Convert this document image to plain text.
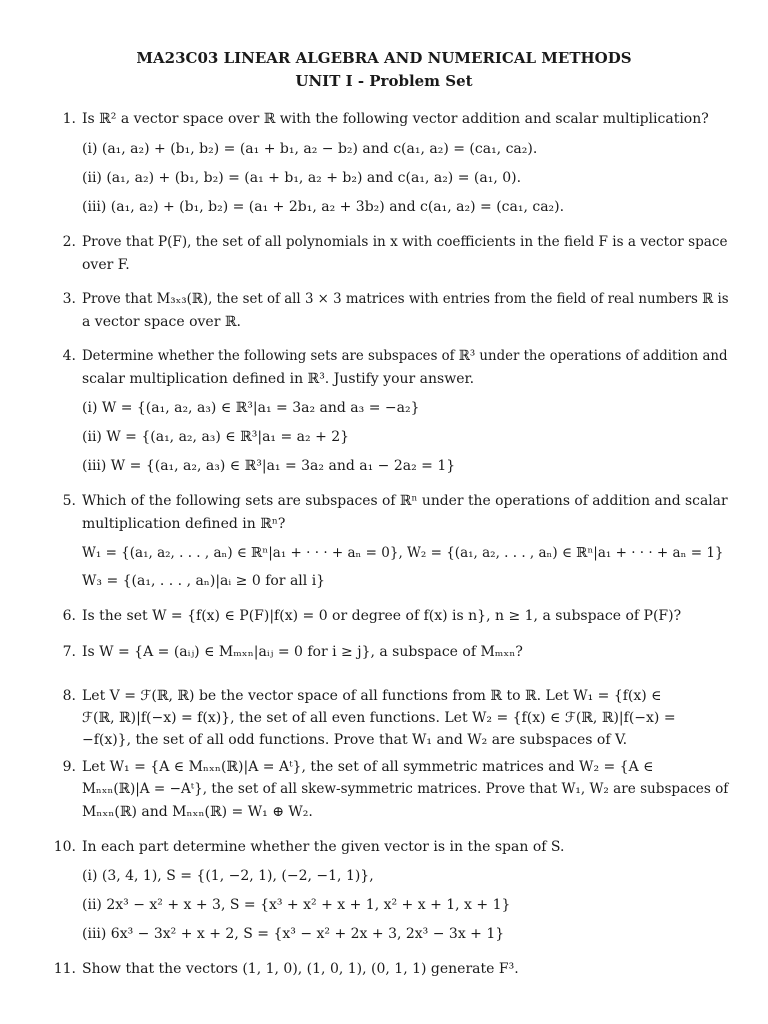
MA23C03 LINEAR ALGEBRA AND NUMERICAL METHODS
UNIT I - Problem Set
1. Is ℝ² a vector space over ℝ with the following vector addition and scalar multiplication?
(i) (a₁, a₂) + (b₁, b₂) = (a₁ + b₁, a₂ − b₂) and c(a₁, a₂) = (ca₁, ca₂).
(ii) (a₁, a₂) + (b₁, b₂) = (a₁ + b₁, a₂ + b₂) and c(a₁, a₂) = (a₁, 0).
(iii) (a₁, a₂) + (b₁, b₂) = (a₁ + 2b₁, a₂ + 3b₂) and c(a₁, a₂) = (ca₁, ca₂).
2. Prove that P(F), the set of all polynomials in x with coefficients in the field F is a vector space
over F.
3. Prove that M₃ₓ₃(ℝ), the set of all 3 × 3 matrices with entries from the field of real numbers ℝ is
a vector space over ℝ.
4. Determine whether the following sets are subspaces of ℝ³ under the operations of addition and
scalar multiplication defined in ℝ³. Justify your answer.
(i) W = {(a₁, a₂, a₃) ∈ ℝ³|a₁ = 3a₂ and a₃ = −a₂}
(ii) W = {(a₁, a₂, a₃) ∈ ℝ³|a₁ = a₂ + 2}
(iii) W = {(a₁, a₂, a₃) ∈ ℝ³|a₁ = 3a₂ and a₁ − 2a₂ = 1}
5. Which of the following sets are subspaces of ℝⁿ under the operations of addition and scalar
multiplication defined in ℝⁿ?
W₁ = {(a₁, a₂, . . . , aₙ) ∈ ℝⁿ|a₁ + · · · + aₙ = 0}, W₂ = {(a₁, a₂, . . . , aₙ) ∈ ℝⁿ|a₁ + · · · + aₙ = 1}
W₃ = {(a₁, . . . , aₙ)|aᵢ ≥ 0 for all i}
6. Is the set W = {f(x) ∈ P(F)|f(x) = 0 or degree of f(x) is n}, n ≥ 1, a subspace of P(F)?
7. Is W = {A = (aᵢⱼ) ∈ Mₘₓₙ|aᵢⱼ = 0 for i ≥ j}, a subspace of Mₘₓₙ?
8. Let V = ℱ(ℝ, ℝ) be the vector space of all functions from ℝ to ℝ. Let W₁ = {f(x) ∈
ℱ(ℝ, ℝ)|f(−x) = f(x)}, the set of all even functions. Let W₂ = {f(x) ∈ ℱ(ℝ, ℝ)|f(−x) =
−f(x)}, the set of all odd functions. Prove that W₁ and W₂ are subspaces of V.
9. Let W₁ = {A ∈ Mₙₓₙ(ℝ)|A = Aᵗ}, the set of all symmetric matrices and W₂ = {A ∈
Mₙₓₙ(ℝ)|A = −Aᵗ}, the set of all skew-symmetric matrices. Prove that W₁, W₂ are subspaces of
Mₙₓₙ(ℝ) and Mₙₓₙ(ℝ) = W₁ ⊕ W₂.
10. In each part determine whether the given vector is in the span of S.
(i) (3, 4, 1), S = {(1, −2, 1), (−2, −1, 1)},
(ii) 2x³ − x² + x + 3, S = {x³ + x² + x + 1, x² + x + 1, x + 1}
(iii) 6x³ − 3x² + x + 2, S = {x³ − x² + 2x + 3, 2x³ − 3x + 1}
11. Show that the vectors (1, 1, 0), (1, 0, 1), (0, 1, 1) generate F³.
